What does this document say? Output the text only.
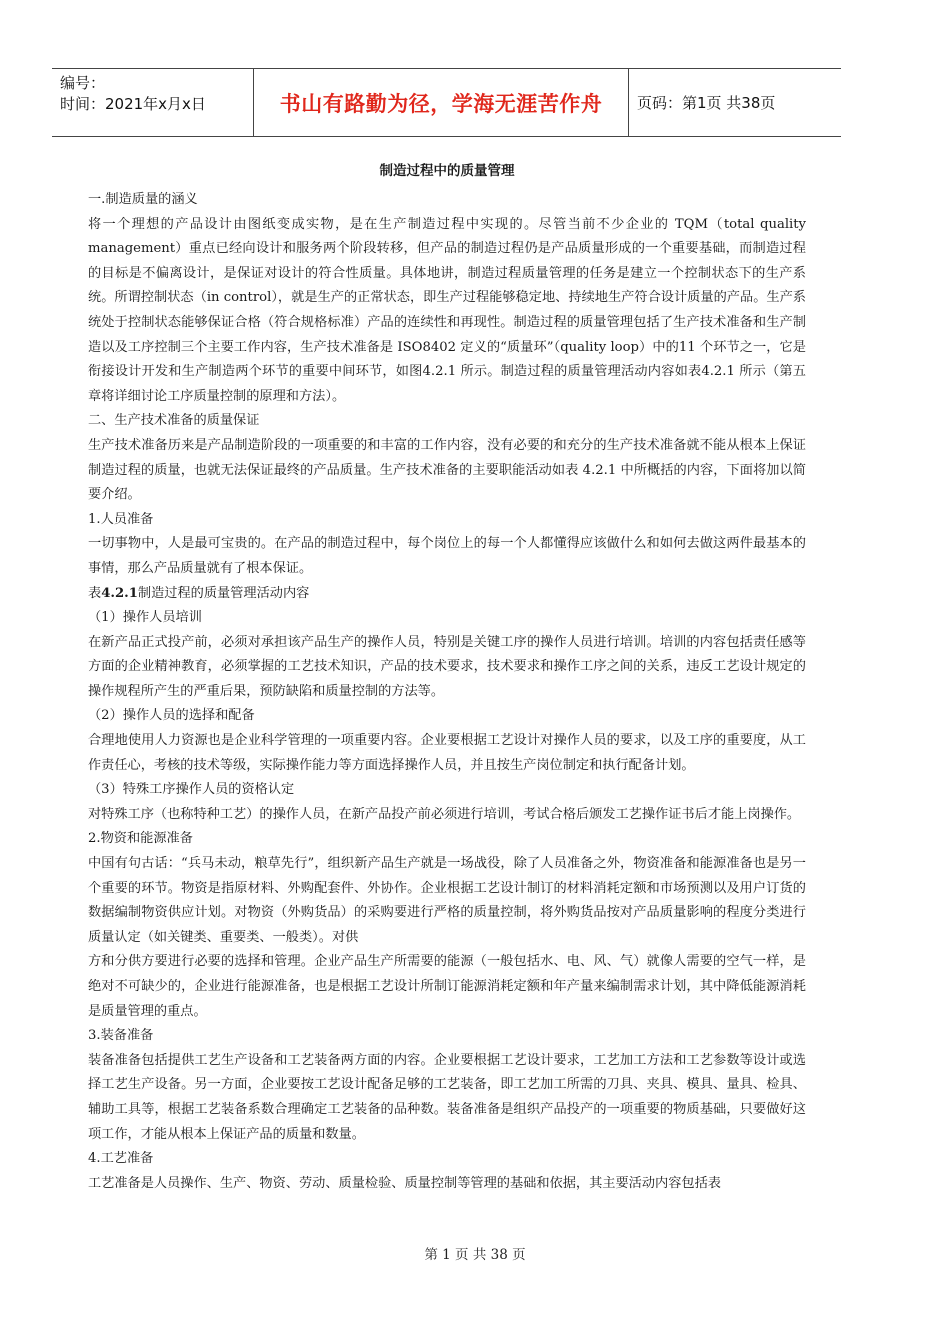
编号：
时间：2021年x月x日	书山有路勤为径，学海无涯苦作舟	页码：第1页 共38页
制造过程中的质量管理

一.制造质量的涵义

将一个理想的产品设计由图纸变成实物，是在生产制造过程中实现的。尽管当前不少企业的 TQM（total quality management）重点已经向设计和服务两个阶段转移，但产品的制造过程仍是产品质量形成的一个重要基础，而制造过程的目标是不偏离设计，是保证对设计的符合性质量。具体地讲，制造过程质量管理的任务是建立一个控制状态下的生产系统。所谓控制状态（in control），就是生产的正常状态，即生产过程能够稳定地、持续地生产符合设计质量的产品。生产系统处于控制状态能够保证合格（符合规格标准）产品的连续性和再现性。制造过程的质量管理包括了生产技术准备和生产制造以及工序控制三个主要工作内容，生产技术准备是 ISO8402 定义的“质量环”（quality loop）中的11 个环节之一，它是衔接设计开发和生产制造两个环节的重要中间环节，如图4.2.1 所示。制造过程的质量管理活动内容如表4.2.1 所示（第五章将详细讨论工序质量控制的原理和方法）。

二、生产技术准备的质量保证

生产技术准备历来是产品制造阶段的一项重要的和丰富的工作内容，没有必要的和充分的生产技术准备就不能从根本上保证制造过程的质量，也就无法保证最终的产品质量。生产技术准备的主要职能活动如表 4.2.1 中所概括的内容，下面将加以简要介绍。

1.人员准备

一切事物中，人是最可宝贵的。在产品的制造过程中，每个岗位上的每一个人都懂得应该做什么和如何去做这两件最基本的事情，那么产品质量就有了根本保证。

表4.2.1制造过程的质量管理活动内容

（1）操作人员培训

在新产品正式投产前，必须对承担该产品生产的操作人员，特别是关键工序的操作人员进行培训。培训的内容包括责任感等方面的企业精神教育，必须掌握的工艺技术知识，产品的技术要求，技术要求和操作工序之间的关系，违反工艺设计规定的操作规程所产生的严重后果，预防缺陷和质量控制的方法等。

（2）操作人员的选择和配备

合理地使用人力资源也是企业科学管理的一项重要内容。企业要根据工艺设计对操作人员的要求，以及工序的重要度，从工作责任心，考核的技术等级，实际操作能力等方面选择操作人员，并且按生产岗位制定和执行配备计划。

（3）特殊工序操作人员的资格认定

对特殊工序（也称特种工艺）的操作人员，在新产品投产前必须进行培训，考试合格后颁发工艺操作证书后才能上岗操作。

2.物资和能源准备

中国有句古话：“兵马未动，粮草先行”，组织新产品生产就是一场战役，除了人员准备之外，物资准备和能源准备也是另一个重要的环节。物资是指原材料、外购配套件、外协作。企业根据工艺设计制订的材料消耗定额和市场预测以及用户订货的数据编制物资供应计划。对物资（外购货品）的采购要进行严格的质量控制，将外购货品按对产品质量影响的程度分类进行质量认定（如关键类、重要类、一般类）。对供

方和分供方要进行必要的选择和管理。企业产品生产所需要的能源（一般包括水、电、风、气）就像人需要的空气一样，是绝对不可缺少的，企业进行能源准备，也是根据工艺设计所制订能源消耗定额和年产量来编制需求计划，其中降低能源消耗是质量管理的重点。

3.装备准备

装备准备包括提供工艺生产设备和工艺装备两方面的内容。企业要根据工艺设计要求，工艺加工方法和工艺参数等设计或选择工艺生产设备。另一方面，企业要按工艺设计配备足够的工艺装备，即工艺加工所需的刀具、夹具、模具、量具、检具、辅助工具等，根据工艺装备系数合理确定工艺装备的品种数。装备准备是组织产品投产的一项重要的物质基础，只要做好这项工作，才能从根本上保证产品的质量和数量。

4.工艺准备

工艺准备是人员操作、生产、物资、劳动、质量检验、质量控制等管理的基础和依据，其主要活动内容包括表

第 1 页 共 38 页
